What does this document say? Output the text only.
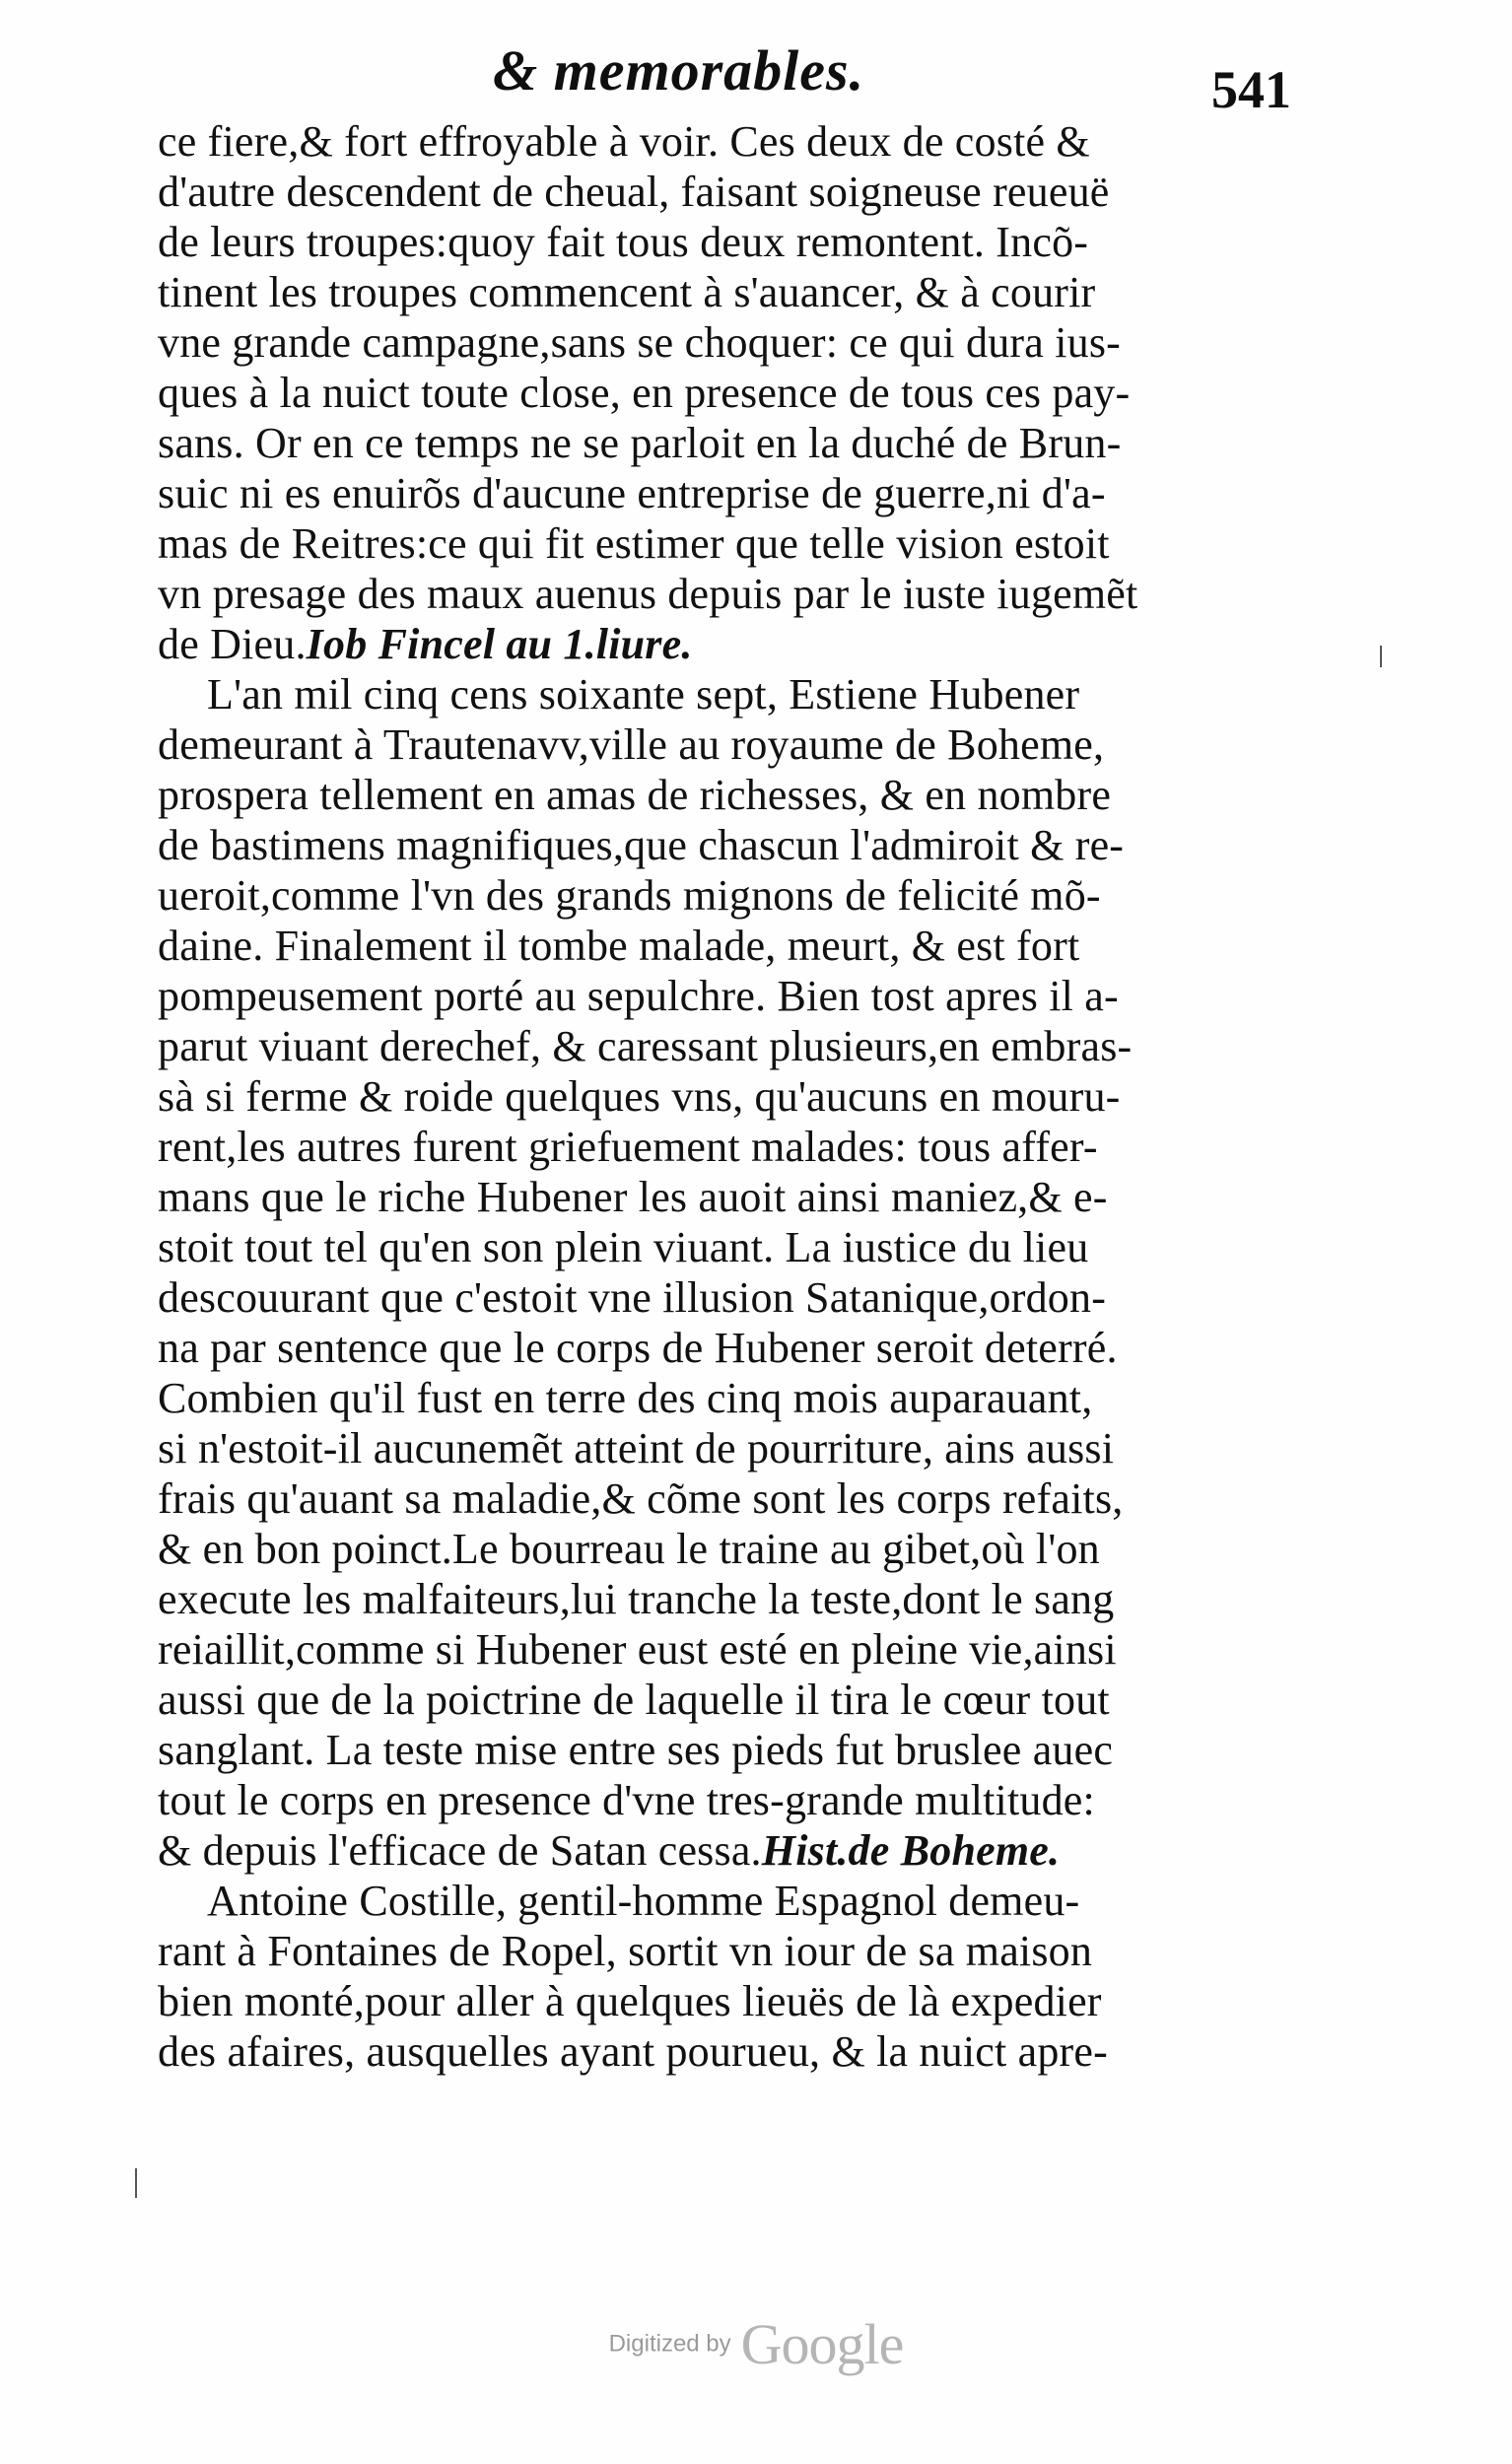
& memorables.	541
ce fiere,& fort effroyable à voir. Ces deux de costé &
d'autre descendent de cheual, faisant soigneuse reueuë
de leurs troupes:quoy fait tous deux remontent. Incõ-
tinent les troupes commencent à s'auancer, & à courir
vne grande campagne,sans se choquer: ce qui dura ius-
ques à la nuict toute close, en presence de tous ces pay-
sans. Or en ce temps ne se parloit en la duché de Brun-
suic ni es enuirõs d'aucune entreprise de guerre,ni d'a-
mas de Reitres:ce qui fit estimer que telle vision estoit
vn presage des maux auenus depuis par le iuste iugemẽt
de Dieu.Iob Fincel au 1.liure.
L'an mil cinq cens soixante sept, Estiene Hubener
demeurant à Trautenavv,ville au royaume de Boheme,
prospera tellement en amas de richesses, & en nombre
de bastimens magnifiques,que chascun l'admiroit & re-
ueroit,comme l'vn des grands mignons de felicité mõ-
daine. Finalement il tombe malade, meurt, & est fort
pompeusement porté au sepulchre. Bien tost apres il a-
parut viuant derechef, & caressant plusieurs,en embras-
sà si ferme & roide quelques vns, qu'aucuns en mouru-
rent,les autres furent griefuement malades: tous affer-
mans que le riche Hubener les auoit ainsi maniez,& e-
stoit tout tel qu'en son plein viuant. La iustice du lieu
descouurant que c'estoit vne illusion Satanique,ordon-
na par sentence que le corps de Hubener seroit deterré.
Combien qu'il fust en terre des cinq mois auparauant,
si n'estoit-il aucunemẽt atteint de pourriture, ains aussi
frais qu'auant sa maladie,& cõme sont les corps refaits,
& en bon poinct.Le bourreau le traine au gibet,où l'on
execute les malfaiteurs,lui tranche la teste,dont le sang
reiaillit,comme si Hubener eust esté en pleine vie,ainsi
aussi que de la poictrine de laquelle il tira le cœur tout
sanglant. La teste mise entre ses pieds fut bruslee auec
tout le corps en presence d'vne tres-grande multitude:
& depuis l'efficace de Satan cessa.Hist.de Boheme.
Antoine Costille, gentil-homme Espagnol demeu-
rant à Fontaines de Ropel, sortit vn iour de sa maison
bien monté,pour aller à quelques lieuës de là expedier
des afaires, ausquelles ayant pourueu, & la nuict apre-
Digitized by Google
